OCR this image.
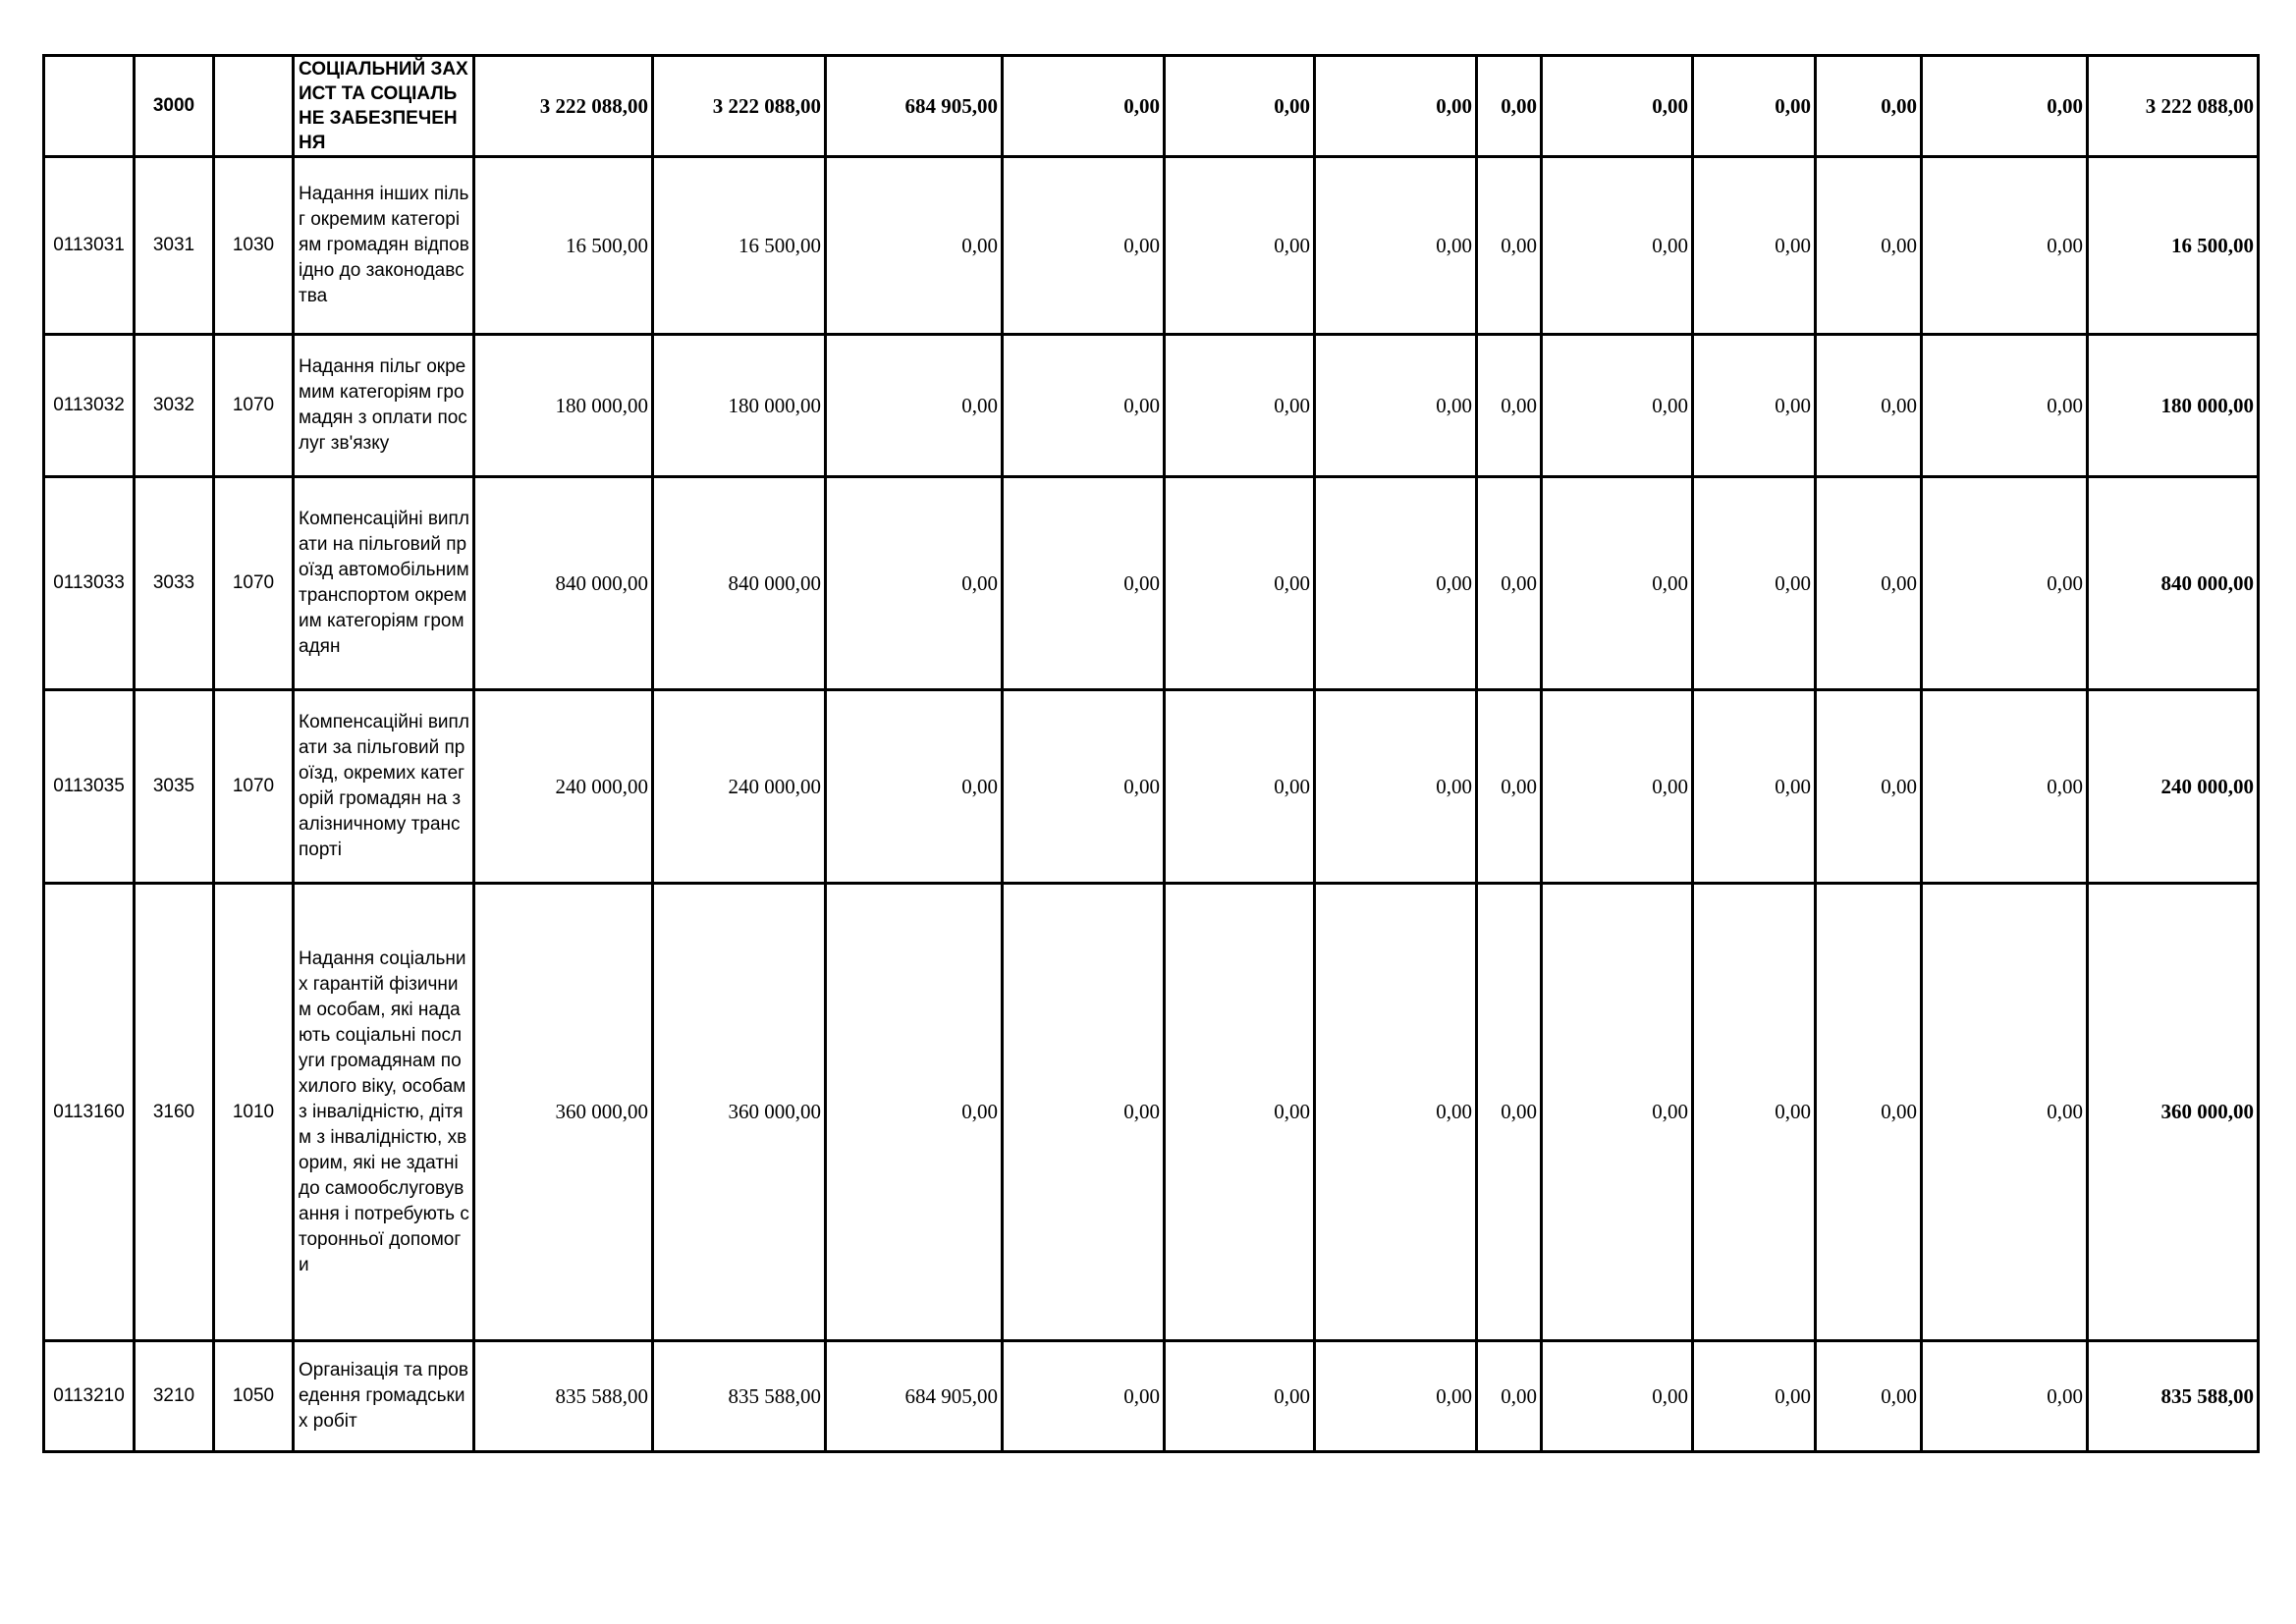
	3000		СОЦІАЛЬНИЙ ЗАХИСТ ТА СОЦІАЛЬНЕ ЗАБЕЗПЕЧЕННЯ	3 222 088,00	3 222 088,00	684 905,00	0,00	0,00	0,00	0,00	0,00	0,00	0,00	0,00	3 222 088,00
0113031	3031	1030	Надання інших пільг окремим категоріям громадян відповідно до законодавства	16 500,00	16 500,00	0,00	0,00	0,00	0,00	0,00	0,00	0,00	0,00	0,00	16 500,00
0113032	3032	1070	Надання пільг окремим категоріям громадян з оплати послуг зв'язку	180 000,00	180 000,00	0,00	0,00	0,00	0,00	0,00	0,00	0,00	0,00	0,00	180 000,00
0113033	3033	1070	Компенсаційні виплати на пільговий проїзд автомобільним транспортом окремим категоріям громадян	840 000,00	840 000,00	0,00	0,00	0,00	0,00	0,00	0,00	0,00	0,00	0,00	840 000,00
0113035	3035	1070	Компенсаційні виплати за пільговий проїзд, окремих категорій громадян на залізничному транспорті	240 000,00	240 000,00	0,00	0,00	0,00	0,00	0,00	0,00	0,00	0,00	0,00	240 000,00
0113160	3160	1010	Надання соціальних гарантій фізичним особам, які надають соціальні послуги громадянам похилого віку, особам з інвалідністю, дітям з інвалідністю, хворим, які не здатні до самообслуговування і потребують сторонньої допомоги	360 000,00	360 000,00	0,00	0,00	0,00	0,00	0,00	0,00	0,00	0,00	0,00	360 000,00
0113210	3210	1050	Організація та проведення громадських робіт	835 588,00	835 588,00	684 905,00	0,00	0,00	0,00	0,00	0,00	0,00	0,00	0,00	835 588,00
